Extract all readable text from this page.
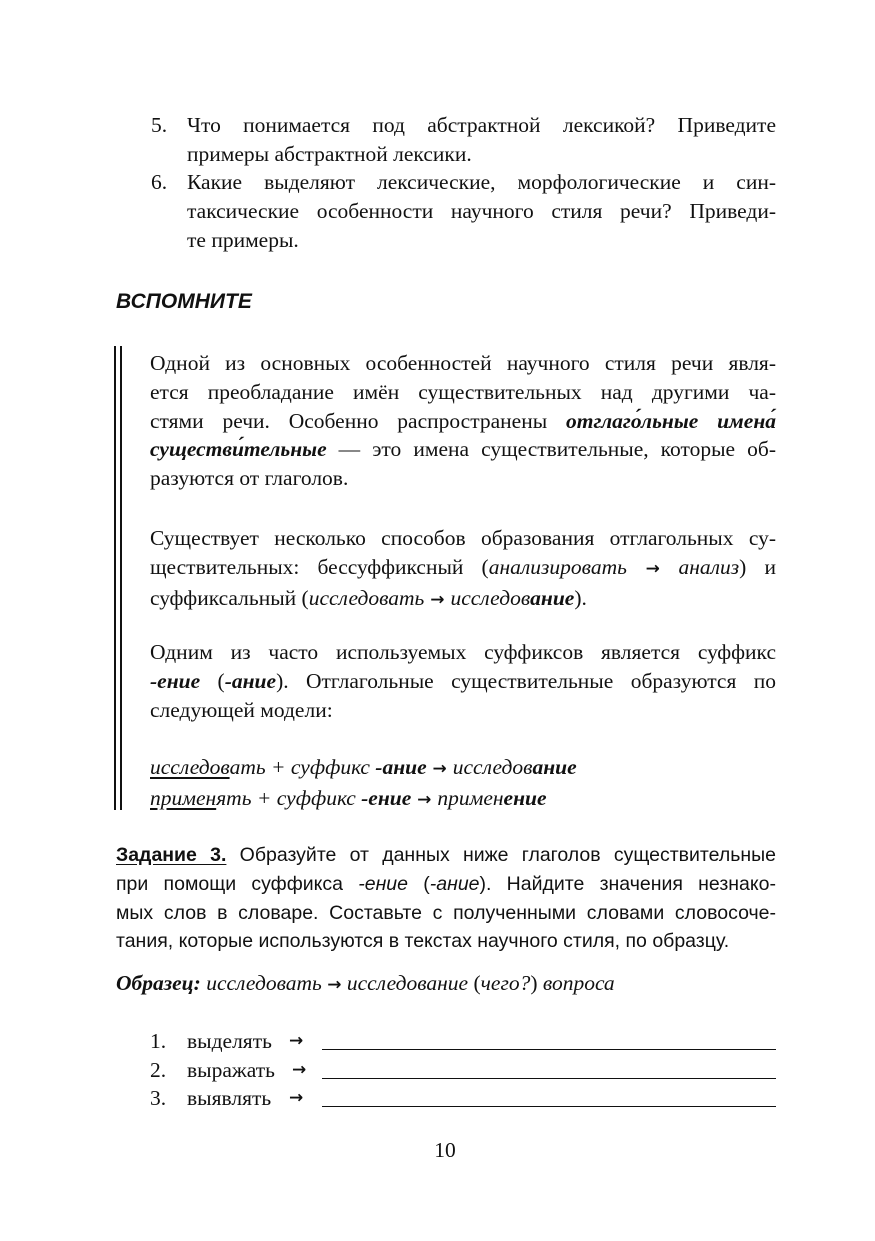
5. Что понимается под абстрактной лексикой? Приведите
примеры абстрактной лексики.
6. Какие выделяют лексические, морфологические и син-
таксические особенности научного стиля речи? Приведи-
те примеры.
ВСПОМНИТЕ
Одной из основных особенностей научного стиля речи явля-
ется преобладание имён существительных над другими ча-
стями речи. Особенно распространены отглаго́льные имена́
существи́тельные — это имена существительные, которые об-
разуются от глаголов.
Существует несколько способов образования отглагольных су-
ществительных: бессуффиксный (анализировать → анализ) и
суффиксальный (исследовать → исследование).
Одним из часто используемых суффиксов является суффикс
-ение (-ание). Отглагольные существительные образуются по
следующей модели:
исследовать + суффикс -ание → исследование
применять + суффикс -ение → применение
Задание 3. Образуйте от данных ниже глаголов существительные
при помощи суффикса -ение (-ание). Найдите значения незнако-
мых слов в словаре. Составьте с полученными словами словосоче-
тания, которые используются в текстах научного стиля, по образцу.
Образец: исследовать → исследование (чего?) вопроса
1. выделять →
2. выражать →
3. выявлять →
10
